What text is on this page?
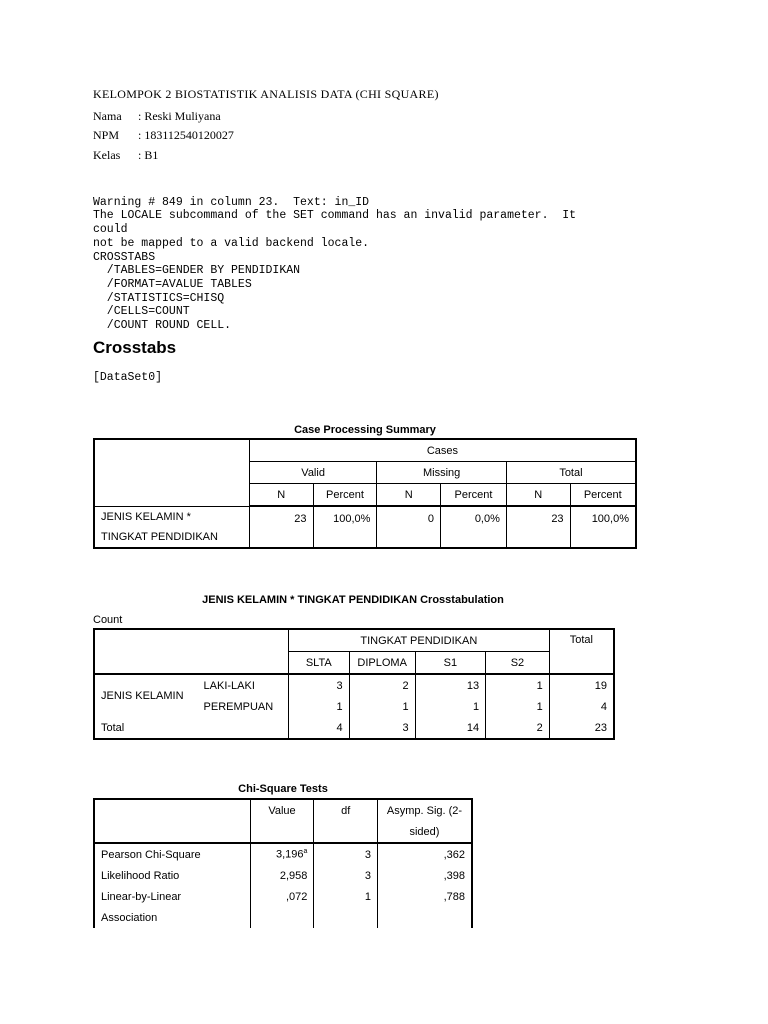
KELOMPOK 2 BIOSTATISTIK ANALISIS DATA (CHI SQUARE)
Nama : Reski Muliyana
NPM : 183112540120027
Kelas : B1

Warning # 849 in column 23.  Text: in_ID
The LOCALE subcommand of the SET command has an invalid parameter.  It
could
not be mapped to a valid backend locale.
CROSSTABS
/TABLES=GENDER BY PENDIDIKAN
/FORMAT=AVALUE TABLES
/STATISTICS=CHISQ
/CELLS=COUNT
/COUNT ROUND CELL.

Crosstabs
[DataSet0]
Case Processing Summary
	Cases					
	Valid		Missing		Total	
	N	Percent	N	Percent	N	Percent
JENIS KELAMIN *	23	100,0%	0	0,0%	23	100,0%
TINGKAT PENDIDIKAN						
JENIS KELAMIN * TINGKAT PENDIDIKAN Crosstabulation
Count
		TINGKAT PENDIDIKAN				Total
		SLTA	DIPLOMA	S1	S2	
JENIS KELAMIN	LAKI-LAKI	3	2	13	1	19
	PEREMPUAN	1	1	1	1	4
Total		4	3	14	2	23
Chi-Square Tests
	Value	df	Asymp. Sig. (2-
			sided)
Pearson Chi-Square	3,196$^a$	3	,362
Likelihood Ratio	2,958	3	,398
Linear-by-Linear	,072	1	,788
Association			
